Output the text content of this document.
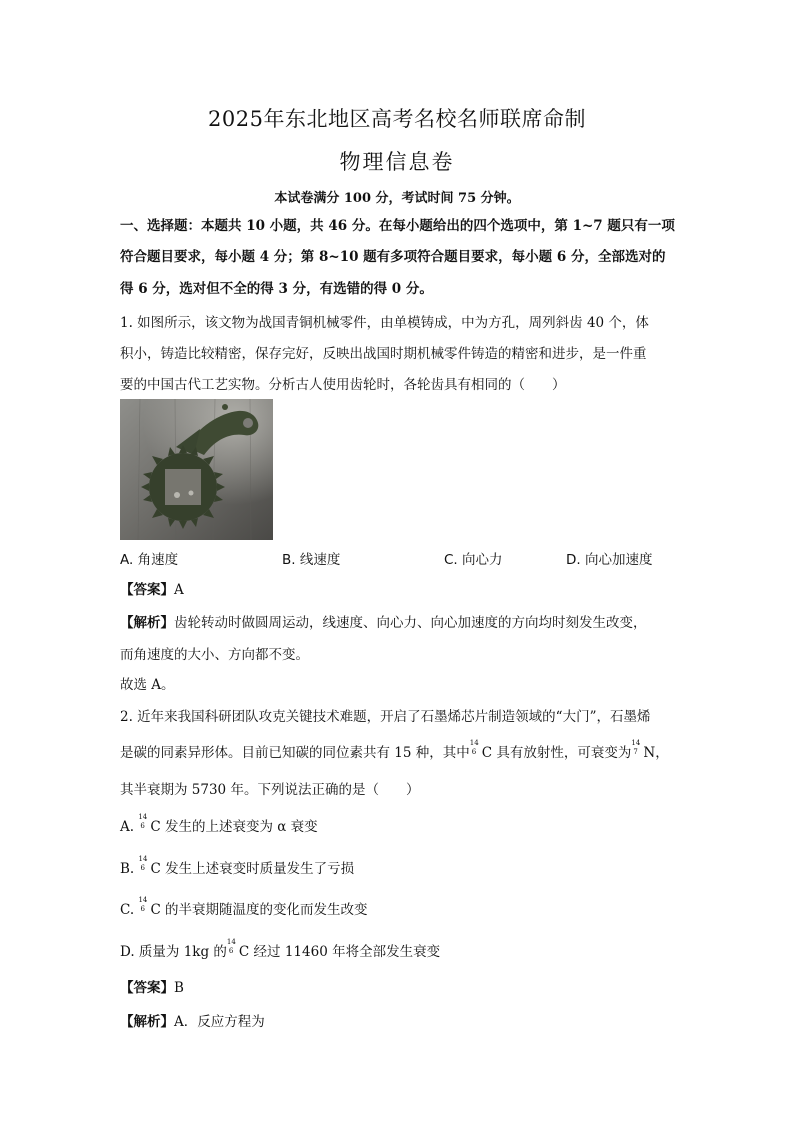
2025年东北地区高考名校名师联席命制
物理信息卷
本试卷满分 100 分，考试时间 75 分钟。
一、选择题：本题共 10 小题，共 46 分。在每小题给出的四个选项中，第 1~7 题只有一项
符合题目要求，每小题 4 分；第 8~10 题有多项符合题目要求，每小题 6 分，全部选对的
得 6 分，选对但不全的得 3 分，有选错的得 0 分。
1. 如图所示，该文物为战国青铜机械零件，由单模铸成，中为方孔，周列斜齿 40 个，体
积小，铸造比较精密，保存完好，反映出战国时期机械零件铸造的精密和进步，是一件重
要的中国古代工艺实物。分析古人使用齿轮时，各轮齿具有相同的（　　）
A. 角速度	B. 线速度	C. 向心力	D. 向心加速度
【答案】A
【解析】齿轮转动时做圆周运动，线速度、向心力、向心加速度的方向均时刻发生改变，
而角速度的大小、方向都不变。
故选 A。
2. 近年来我国科研团队攻克关键技术难题，开启了石墨烯芯片制造领域的“大门”，石墨烯
是碳的同素异形体。目前已知碳的同位素共有 15 种，其中
14
6 C 具有放射性，可衰变为
14
7 N，
其半衰期为 5730 年。下列说法正确的是（　　）
A.
14
6 C 发生的上述衰变为 α 衰变
B.
14
6 C 发生上述衰变时质量发生了亏损
C.
14
6 C 的半衰期随温度的变化而发生改变
D. 质量为 1kg 的
14
6 C 经过 11460 年将全部发生衰变
【答案】B
【解析】A．反应方程为
